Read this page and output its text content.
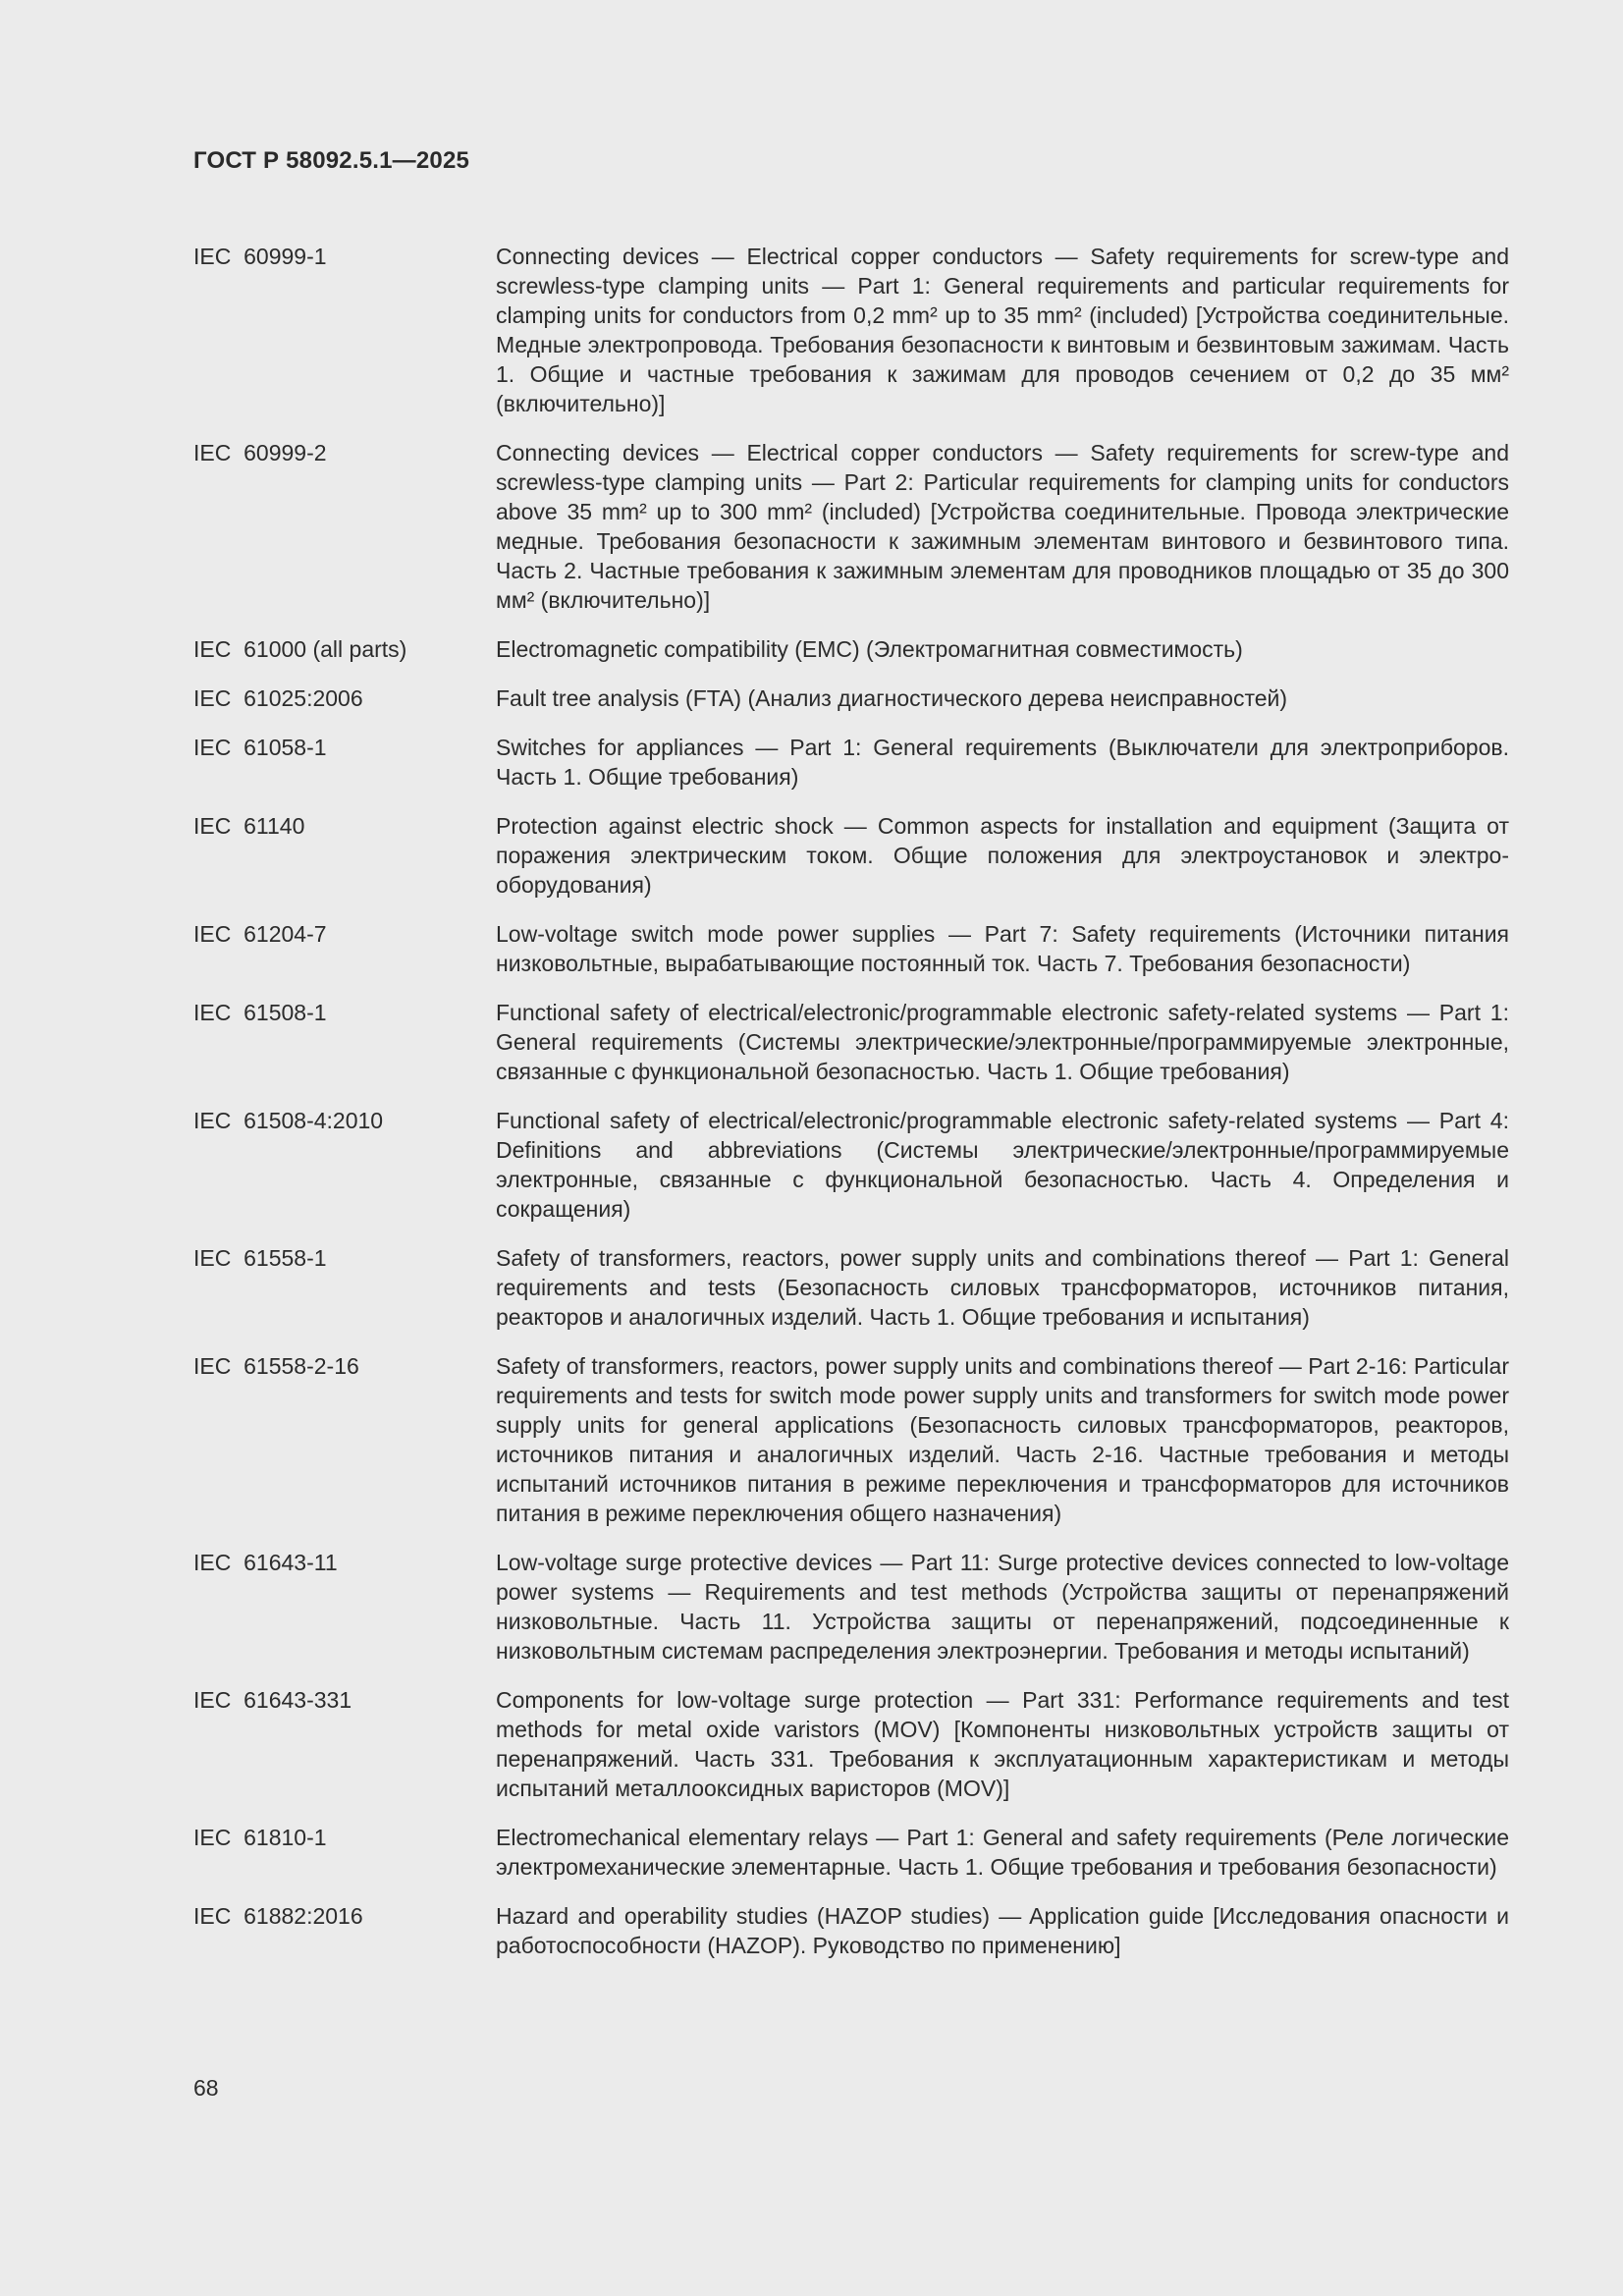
ГОСТ Р 58092.5.1—2025
IEC  60999-1	Connecting devices — Electrical copper conductors — Safety requirements for screw-type and screwless-type clamping units — Part 1: General requirements and particular requirements for clamping units for conductors from 0,2 mm² up to 35 mm² (included) [Устройства соединительные. Медные электропровода. Требования безопасности к винтовым и безвинтовым зажимам. Часть 1. Общие и частные требования к зажимам для проводов сечением от 0,2 до 35 мм² (включительно)]
IEC  60999-2	Connecting devices — Electrical copper conductors — Safety requirements for screw-type and screwless-type clamping units — Part 2: Particular requirements for clamping units for conductors above 35 mm² up to 300 mm² (included) [Устройства соединительные. Провода электрические медные. Требования безопасности к зажимным элементам винтового и безвинтового типа. Часть 2. Частные требования к зажимным элементам для проводников площадью от 35 до 300 мм² (включительно)]
IEC  61000 (all parts)	Electromagnetic compatibility (EMC) (Электромагнитная совместимость)
IEC  61025:2006	Fault tree analysis (FTA) (Анализ диагностического дерева неисправностей)
IEC  61058-1	Switches for appliances — Part 1: General requirements (Выключатели для электроприборов. Часть 1. Общие требования)
IEC  61140	Protection against electric shock — Common aspects for installation and equipment (Защита от поражения электрическим током. Общие положения для электроустановок и электрооборудования)
IEC  61204-7	Low-voltage switch mode power supplies — Part 7: Safety requirements (Источники питания низковольтные, вырабатывающие постоянный ток. Часть 7. Требования безопасности)
IEC  61508-1	Functional safety of electrical/electronic/programmable electronic safety-related systems — Part 1: General requirements (Системы электрические/электронные/программируемые электронные, связанные с функциональной безопасностью. Часть 1. Общие требования)
IEC  61508-4:2010	Functional safety of electrical/electronic/programmable electronic safety-related systems — Part 4: Definitions and abbreviations (Системы электрические/электронные/программируемые электронные, связанные с функциональной безопасностью. Часть 4. Определения и сокращения)
IEC  61558-1	Safety of transformers, reactors, power supply units and combinations thereof — Part 1: General requirements and tests (Безопасность силовых трансформаторов, источников питания, реакторов и аналогичных изделий. Часть 1. Общие требования и испытания)
IEC  61558-2-16	Safety of transformers, reactors, power supply units and combinations thereof — Part 2-16: Particular requirements and tests for switch mode power supply units and transformers for switch mode power supply units for general applications (Безопасность силовых трансформаторов, реакторов, источников питания и аналогичных изделий. Часть 2-16. Частные требования и методы испытаний источников питания в режиме переключения и трансформаторов для источников питания в режиме переключения общего назначения)
IEC  61643-11	Low-voltage surge protective devices — Part 11: Surge protective devices connected to low-voltage power systems — Requirements and test methods (Устройства защиты от перенапряжений низковольтные. Часть 11. Устройства защиты от перенапряжений, подсоединенные к низковольтным системам распределения электроэнергии. Требования и методы испытаний)
IEC  61643-331	Components for low-voltage surge protection — Part 331: Performance requirements and test methods for metal oxide varistors (MOV) [Компоненты низковольтных устройств защиты от перенапряжений. Часть 331. Требования к эксплуатационным характеристикам и методы испытаний металлооксидных варисторов (MOV)]
IEC  61810-1	Electromechanical elementary relays — Part 1: General and safety requirements (Реле логические электромеханические элементарные. Часть 1. Общие требования и требования безопасности)
IEC  61882:2016	Hazard and operability studies (HAZOP studies) — Application guide [Исследования опасности и работоспособности (HAZOP). Руководство по применению]
68
